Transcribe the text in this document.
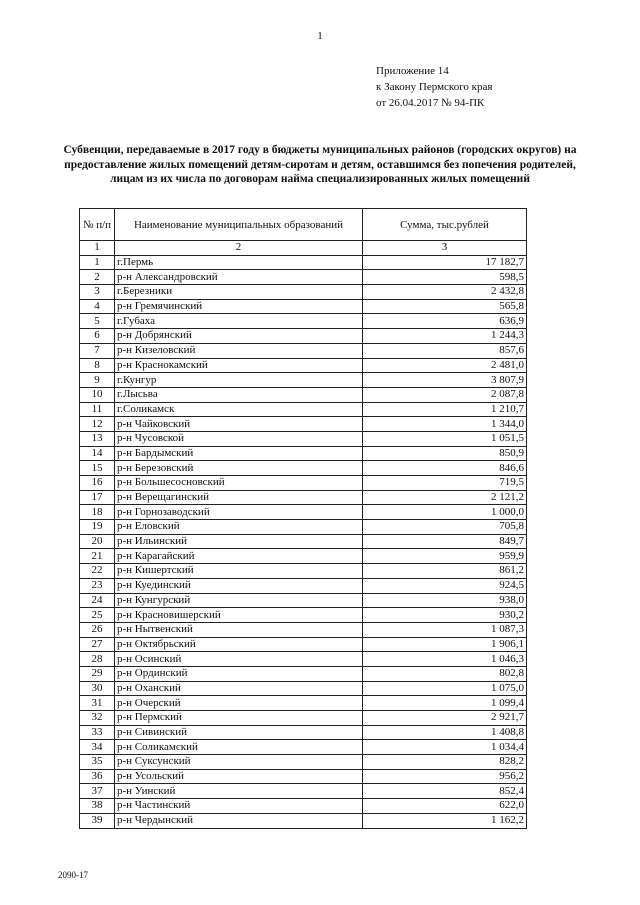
1
Приложение 14
к Закону Пермского края
от 26.04.2017 № 94-ПК
Субвенции, передаваемые в 2017 году в бюджеты муниципальных районов (городских округов) на предоставление жилых помещений детям-сиротам и детям, оставшимся без попечения родителей, лицам из их числа по договорам найма специализированных жилых помещений
№ п/п	Наименование муниципальных образований	Сумма, тыс.рублей
1	2	3
1	г.Пермь	17 182,7
2	р-н Александровский	598,5
3	г.Березники	2 432,8
4	р-н Гремячинский	565,8
5	г.Губаха	636,9
6	р-н Добрянский	1 244,3
7	р-н Кизеловский	857,6
8	р-н Краснокамский	2 481,0
9	г.Кунгур	3 807,9
10	г.Лысьва	2 087,8
11	г.Соликамск	1 210,7
12	р-н Чайковский	1 344,0
13	р-н Чусовской	1 051,5
14	р-н Бардымский	850,9
15	р-н Березовский	846,6
16	р-н Большесосновский	719,5
17	р-н Верещагинский	2 121,2
18	р-н Горнозаводский	1 000,0
19	р-н Еловский	705,8
20	р-н Ильинский	849,7
21	р-н Карагайский	959,9
22	р-н Кишертский	861,2
23	р-н Куединский	924,5
24	р-н Кунгурский	938,0
25	р-н Красновишерский	930,2
26	р-н Нытвенский	1 087,3
27	р-н Октябрьский	1 906,1
28	р-н Осинский	1 046,3
29	р-н Ординский	802,8
30	р-н Оханский	1 075,0
31	р-н Очерский	1 099,4
32	р-н Пермский	2 921,7
33	р-н Сивинский	1 408,8
34	р-н Соликамский	1 034,4
35	р-н Суксунский	828,2
36	р-н Усольский	956,2
37	р-н Уинский	852,4
38	р-н Частинский	622,0
39	р-н Чердынский	1 162,2
2090-17
